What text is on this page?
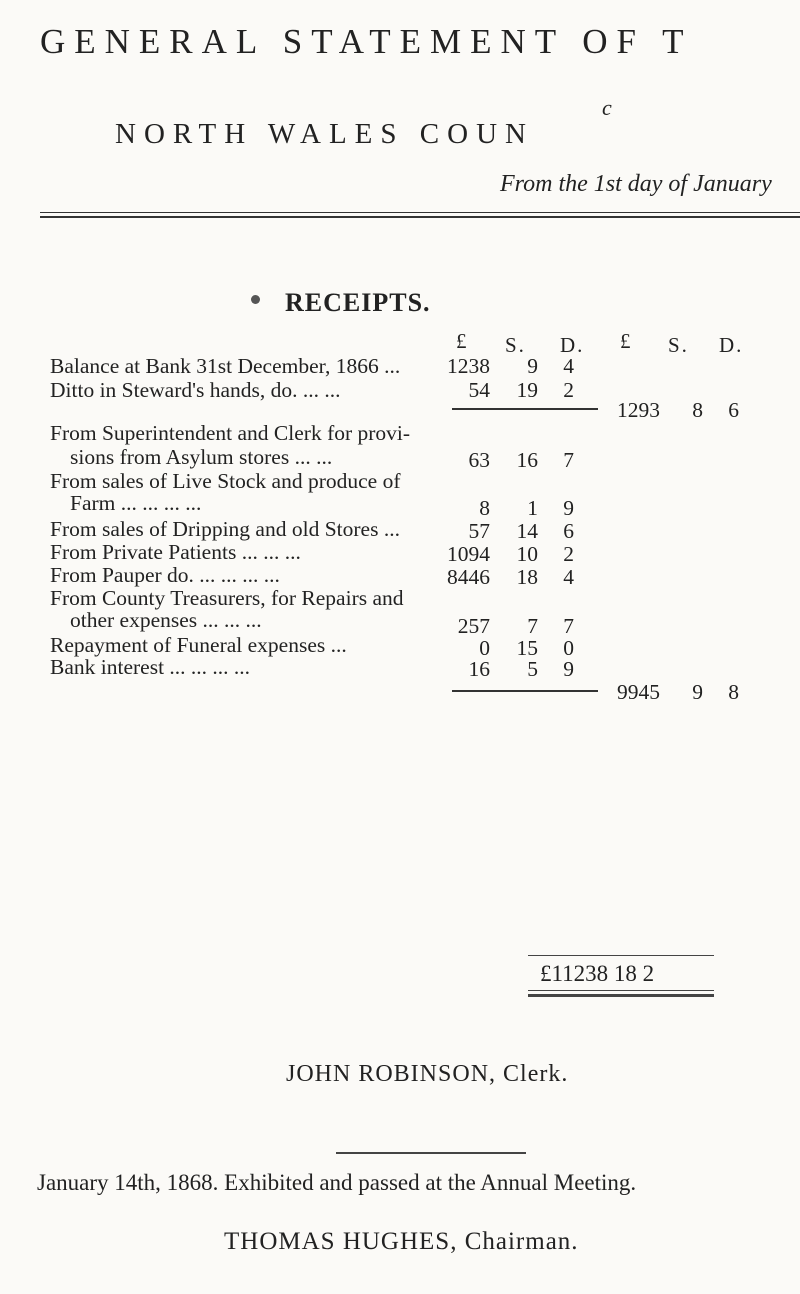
GENERAL STATEMENT OF T
c
NORTH WALES COUN
From the 1st day of January
RECEIPTS.
£ S. D. £ S. D.
Balance at Bank 31st December, 1866 ...	1238	9	4
Ditto in Steward's hands, do. ... ...	54	19	2
1293	8	6
From Superintendent and Clerk for provi-
sions from Asylum stores ... ...	63	16	7
From sales of Live Stock and produce of
Farm ... ... ... ...	8	1	9
From sales of Dripping and old Stores ...	57	14	6
From Private Patients ... ... ...	1094	10	2
From Pauper do. ... ... ... ...	8446	18	4
From County Treasurers, for Repairs and
other expenses ... ... ...	257	7	7
Repayment of Funeral expenses ...	0	15	0
Bank interest ... ... ... ...	16	5	9
9945	9	8
£11238 18 2
JOHN ROBINSON, Clerk.
January 14th, 1868. Exhibited and passed at the Annual Meeting.
THOMAS HUGHES, Chairman.
